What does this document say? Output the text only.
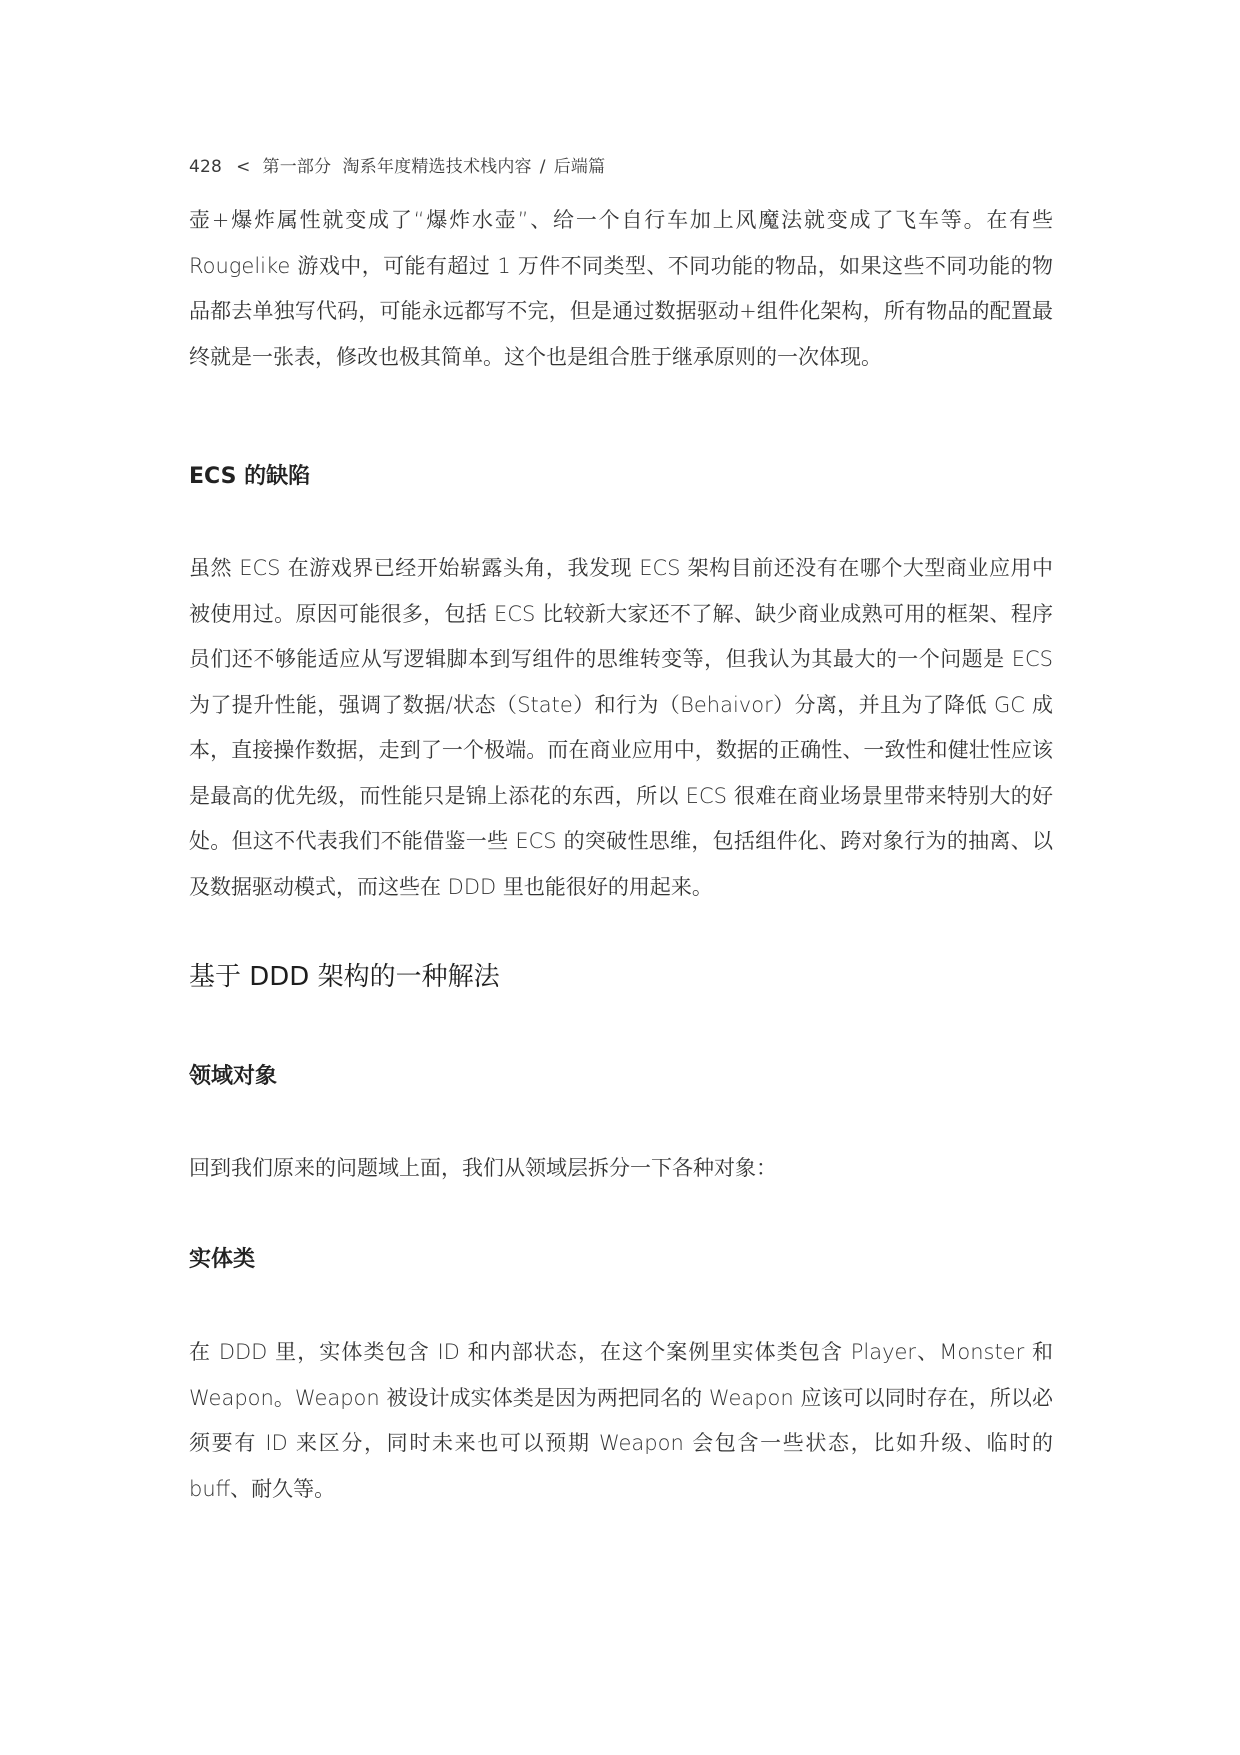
428 < 第一部分 淘系年度精选技术栈内容 / 后端篇

壶+爆炸属性就变成了“爆炸水壶”、给一个自行车加上风魔法就变成了飞车等。在有些 Rougelike 游戏中，可能有超过 1 万件不同类型、不同功能的物品，如果这些不同功能的物品都去单独写代码，可能永远都写不完，但是通过数据驱动+组件化架构，所有物品的配置最终就是一张表，修改也极其简单。这个也是组合胜于继承原则的一次体现。

ECS 的缺陷

虽然 ECS 在游戏界已经开始崭露头角，我发现 ECS 架构目前还没有在哪个大型商业应用中被使用过。原因可能很多，包括 ECS 比较新大家还不了解、缺少商业成熟可用的框架、程序员们还不够能适应从写逻辑脚本到写组件的思维转变等，但我认为其最大的一个问题是 ECS 为了提升性能，强调了数据/状态（State）和行为（Behaivor）分离，并且为了降低 GC 成本，直接操作数据，走到了一个极端。而在商业应用中，数据的正确性、一致性和健壮性应该是最高的优先级，而性能只是锦上添花的东西，所以 ECS 很难在商业场景里带来特别大的好处。但这不代表我们不能借鉴一些 ECS 的突破性思维，包括组件化、跨对象行为的抽离、以及数据驱动模式，而这些在 DDD 里也能很好的用起来。

基于 DDD 架构的一种解法
领域对象

回到我们原来的问题域上面，我们从领域层拆分一下各种对象：

实体类

在 DDD 里，实体类包含 ID 和内部状态，在这个案例里实体类包含 Player、Monster 和 Weapon。Weapon 被设计成实体类是因为两把同名的 Weapon 应该可以同时存在，所以必须要有 ID 来区分，同时未来也可以预期 Weapon 会包含一些状态，比如升级、临时的 buff、耐久等。
